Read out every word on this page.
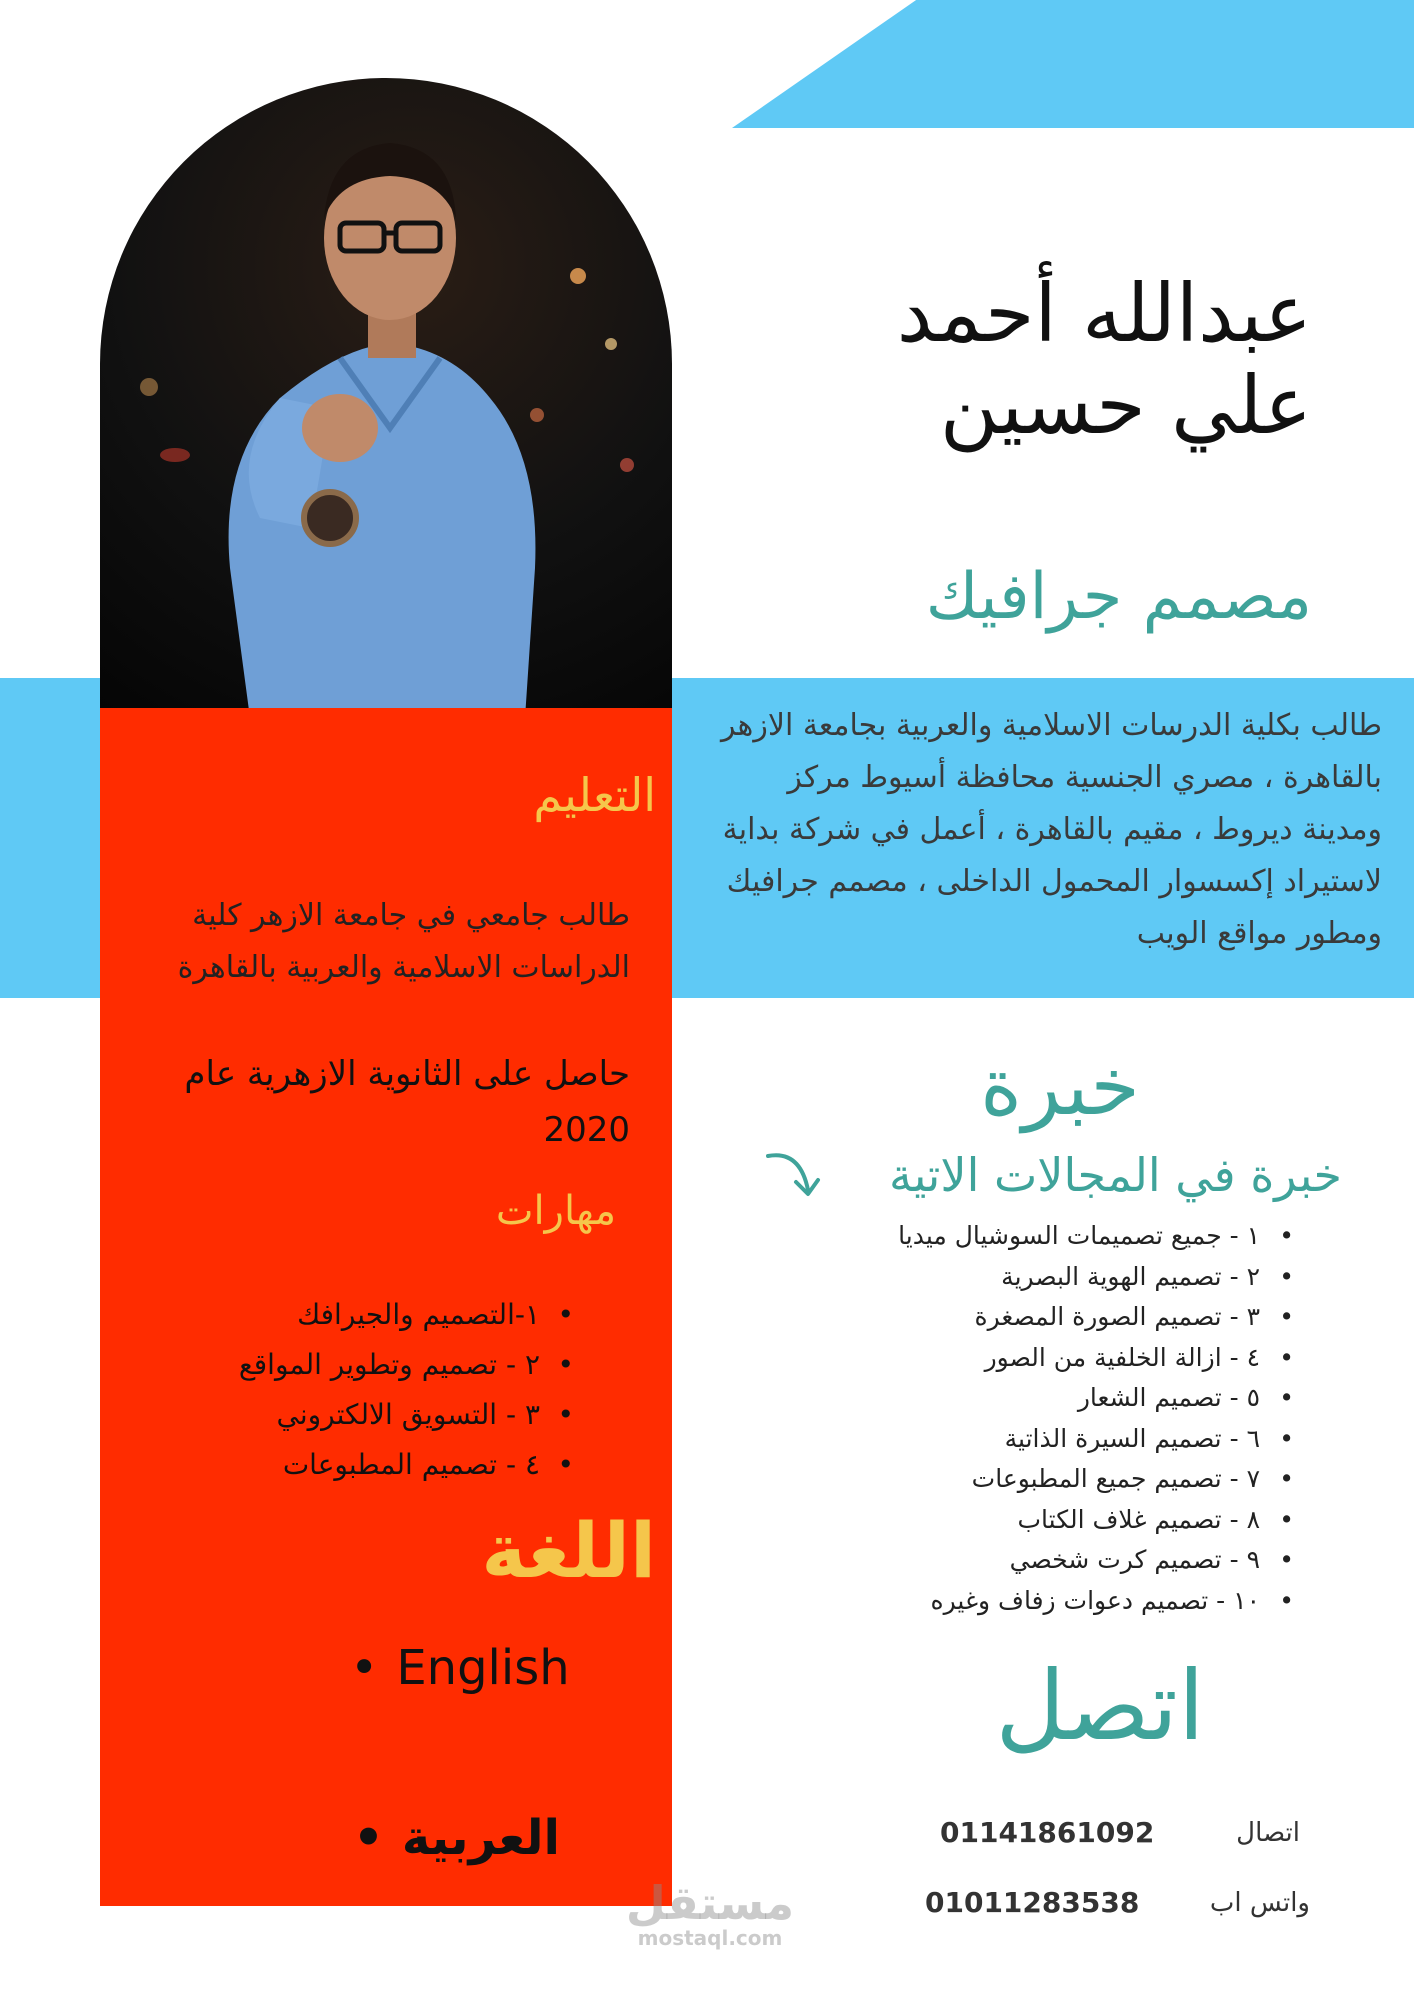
عبدالله أحمد
علي حسين
مصمم جرافيك
طالب بكلية الدرسات الاسلامية والعربية بجامعة الازهر بالقاهرة ، مصري الجنسية محافظة أسيوط مركز ومدينة ديروط ، مقيم بالقاهرة ، أعمل في شركة بداية لاستيراد إكسسوار المحمول الداخلى ، مصمم جرافيك ومطور مواقع الويب
التعليم
طالب جامعي في جامعة الازهر كلية الدراسات الاسلامية والعربية بالقاهرة
حاصل على الثانوية الازهرية عام 2020
مهارات
• ١-التصميم والجيرافك
• ٢ - تصميم وتطوير المواقع
• ٣ - التسويق الالكتروني
• ٤ - تصميم المطبوعات
اللغة
• English
العربية•
خبرة
خبرة في المجالات الاتية
• ١ - جميع تصميمات السوشيال ميديا
• ٢ - تصميم الهوية البصرية
• ٣ - تصميم الصورة المصغرة
• ٤ - ازالة الخلفية من الصور
• ٥ - تصميم الشعار
• ٦ - تصميم السيرة الذاتية
• ٧ - تصميم جميع المطبوعات
• ٨ - تصميم غلاف الكتاب
• ٩ - تصميم كرت شخصي
• ١٠ - تصميم دعوات زفاف وغيره
اتصل
اتصال
01141861092
واتس اب
01011283538
مستقل
mostaql.com
